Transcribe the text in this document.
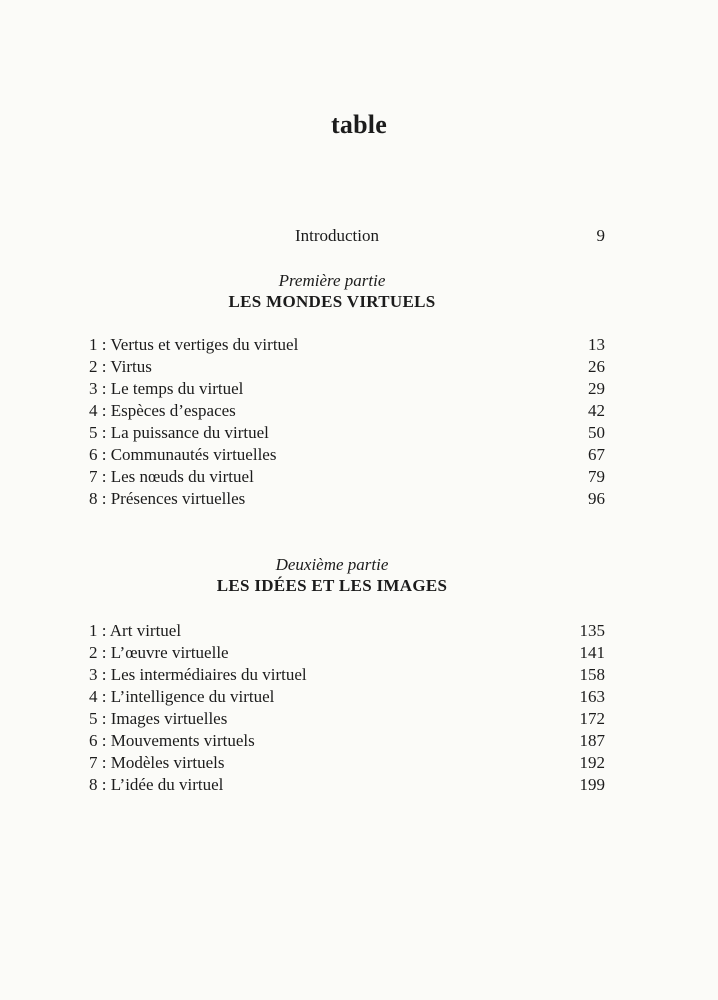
table
Introduction	9
Première partie
LES MONDES VIRTUELS
1 : Vertus et vertiges du virtuel	13
2 : Virtus	26
3 : Le temps du virtuel	29
4 : Espèces d’espaces	42
5 : La puissance du virtuel	50
6 : Communautés virtuelles	67
7 : Les nœuds du virtuel	79
8 : Présences virtuelles	96
Deuxième partie
LES IDÉES ET LES IMAGES
1 : Art virtuel	135
2 : L’œuvre virtuelle	141
3 : Les intermédiaires du virtuel	158
4 : L’intelligence du virtuel	163
5 : Images virtuelles	172
6 : Mouvements virtuels	187
7 : Modèles virtuels	192
8 : L’idée du virtuel	199
